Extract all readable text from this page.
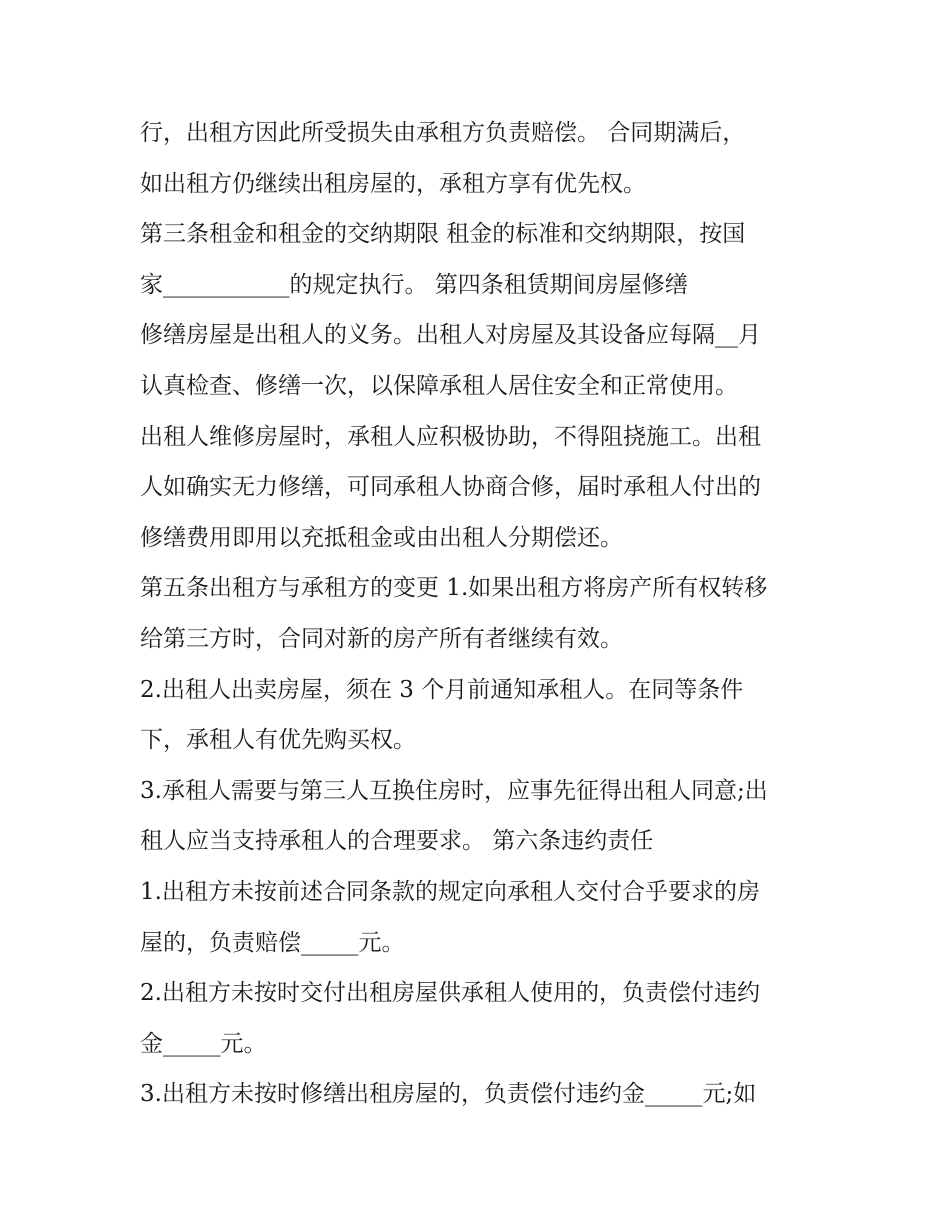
行，出租方因此所受损失由承租方负责赔偿。 合同期满后，
如出租方仍继续出租房屋的，承租方享有优先权。
第三条租金和租金的交纳期限 租金的标准和交纳期限，按国
家___________的规定执行。 第四条租赁期间房屋修缮
修缮房屋是出租人的义务。出租人对房屋及其设备应每隔__月
认真检查、修缮一次，以保障承租人居住安全和正常使用。
出租人维修房屋时，承租人应积极协助，不得阻挠施工。出租
人如确实无力修缮，可同承租人协商合修，届时承租人付出的
修缮费用即用以充抵租金或由出租人分期偿还。
第五条出租方与承租方的变更 1.如果出租方将房产所有权转移
给第三方时，合同对新的房产所有者继续有效。
2.出租人出卖房屋，须在 3 个月前通知承租人。在同等条件
下，承租人有优先购买权。
3.承租人需要与第三人互换住房时，应事先征得出租人同意;出
租人应当支持承租人的合理要求。 第六条违约责任
1.出租方未按前述合同条款的规定向承租人交付合乎要求的房
屋的，负责赔偿_____元。
2.出租方未按时交付出租房屋供承租人使用的，负责偿付违约
金_____元。
3.出租方未按时修缮出租房屋的，负责偿付违约金_____元;如
